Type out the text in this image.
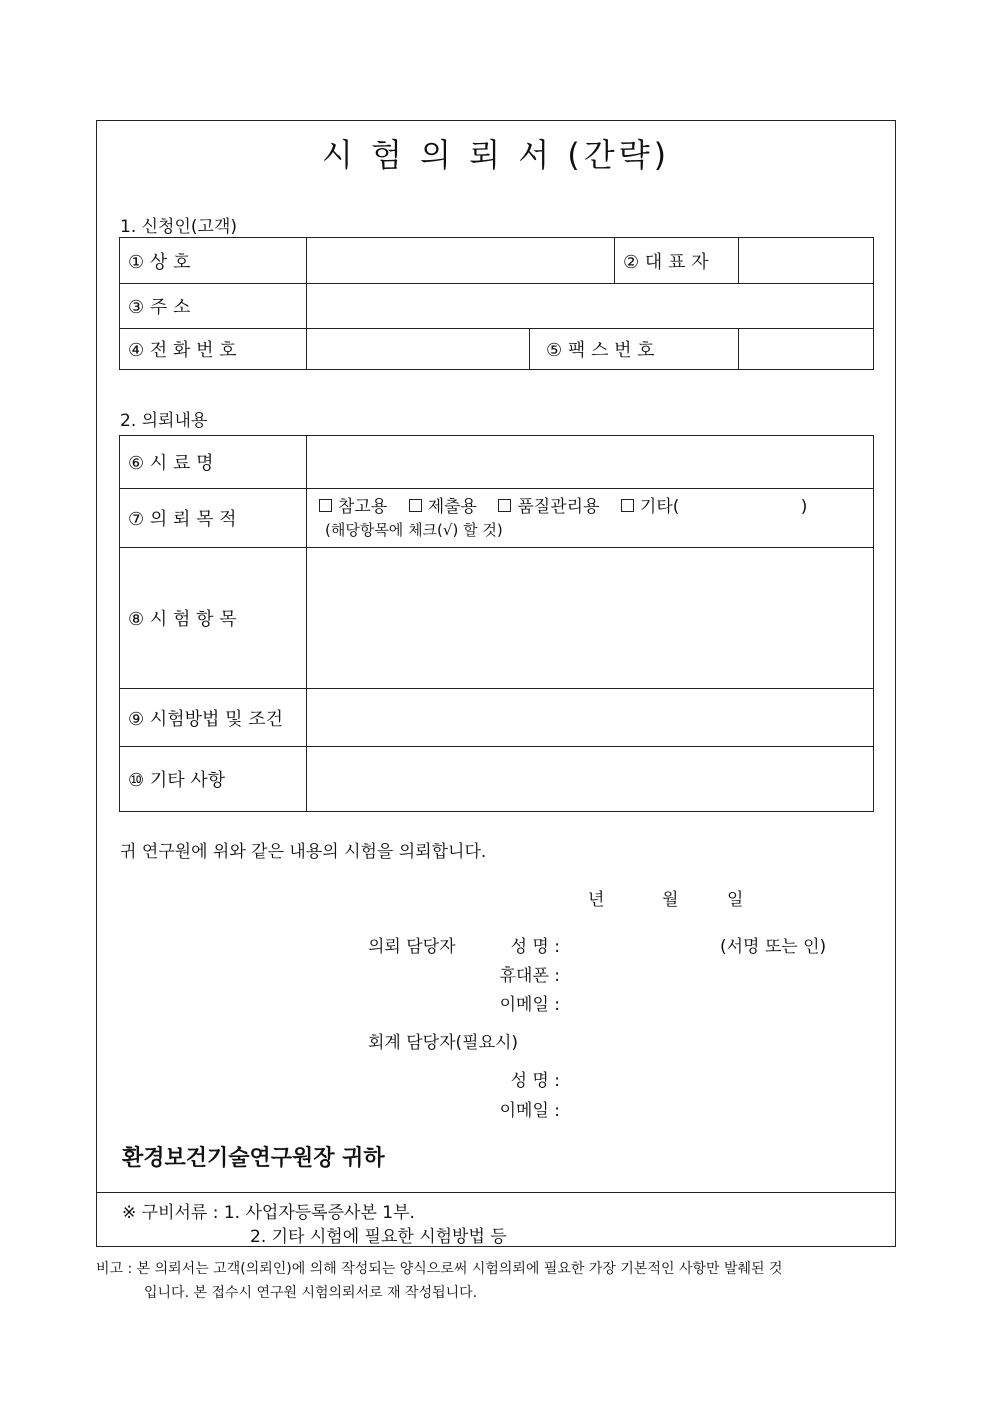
시 험 의 뢰 서 (간략)
1. 신청인(고객)
① 상 호			② 대 표 자	
③ 주 소				
④ 전 화 번 호		⑤ 팩 스 번 호		
2. 의뢰내용
⑥ 시 료 명	
⑦ 의 뢰 목 적	참고용 제출용 품질관리용 기타( )
(해당항목에 체크(√) 할 것)

⑧ 시 험 항 목	
⑨ 시험방법 및 조건	
⑩ 기타 사항	
귀 연구원에 위와 같은 내용의 시험을 의뢰합니다.
년	월	일
의뢰 담당자	성 명 :	(서명 또는 인)
휴대폰 :
이메일 :
회계 담당자(필요시)
성 명 :
이메일 :
환경보건기술연구원장 귀하
※ 구비서류 : 1. 사업자등록증사본 1부.
2. 기타 시험에 필요한 시험방법 등
비고 : 본 의뢰서는 고객(의뢰인)에 의해 작성되는 양식으로써 시험의뢰에 필요한 가장 기본적인 사항만 발췌된 것
입니다. 본 접수시 연구원 시험의뢰서로 재 작성됩니다.
